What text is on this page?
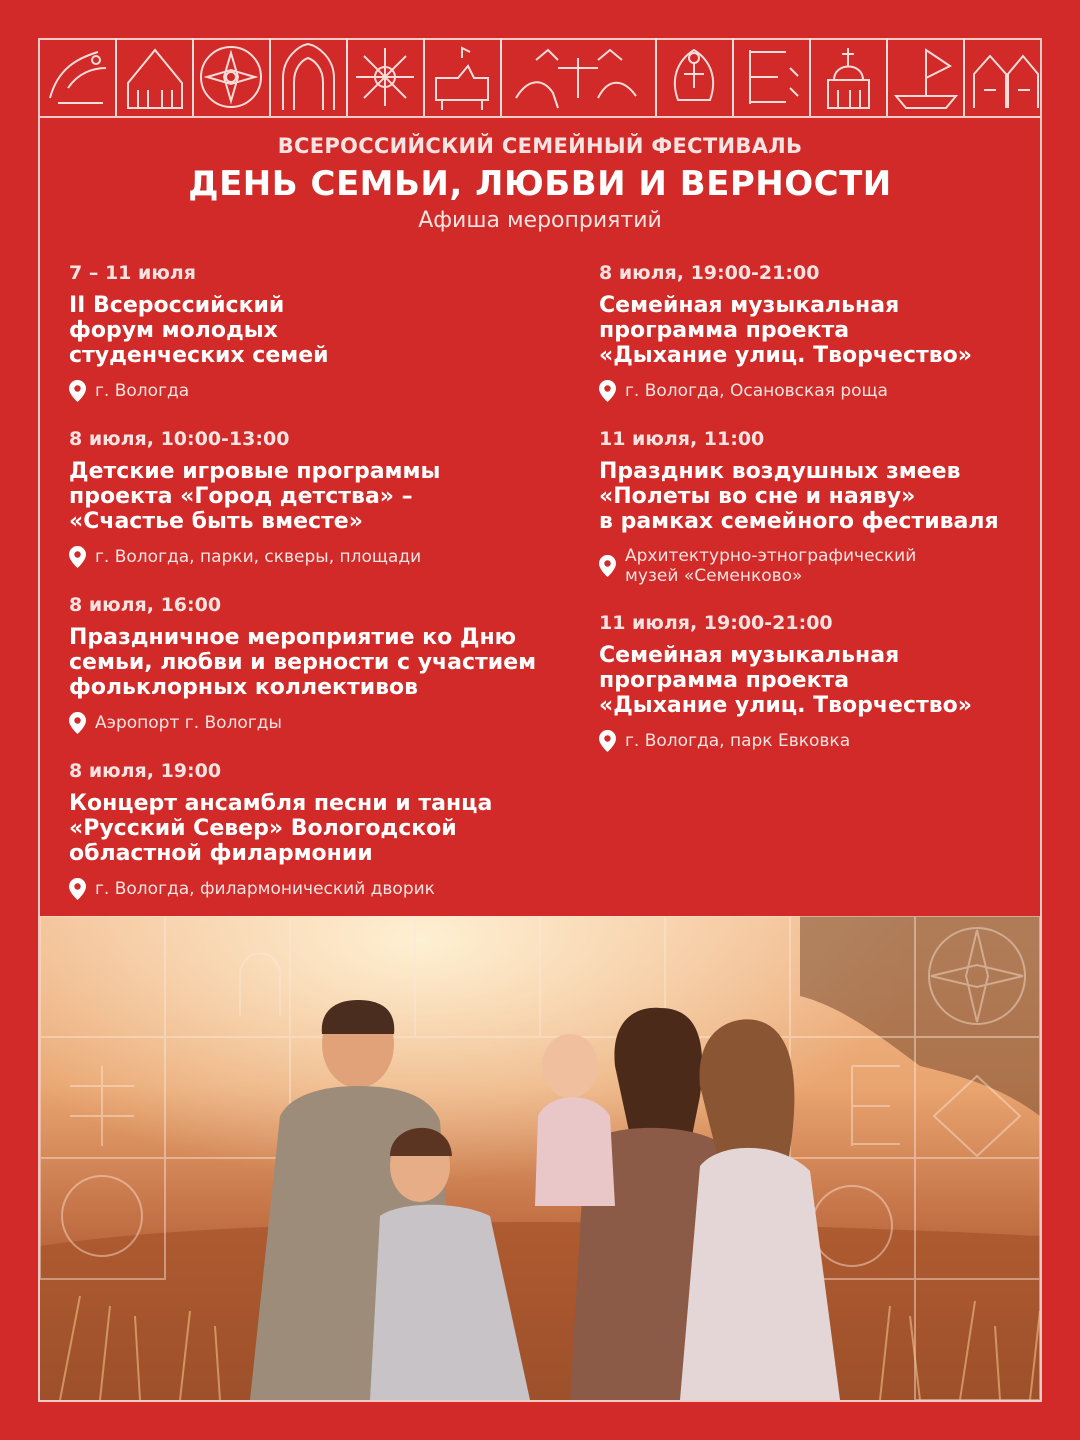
ВСЕРОССИЙСКИЙ СЕМЕЙНЫЙ ФЕСТИВАЛЬ
ДЕНЬ СЕМЬИ, ЛЮБВИ И ВЕРНОСТИ
Афиша мероприятий
7 – 11 июля
II Всероссийский
форум молодых
студенческих семей
г. Вологда
8 июля, 10:00-13:00
Детские игровые программы
проекта «Город детства» –
«Счастье быть вместе»
г. Вологда, парки, скверы, площади
8 июля, 16:00
Праздничное мероприятие ко Дню
семьи, любви и верности с участием
фольклорных коллективов
Аэропорт г. Вологды
8 июля, 19:00
Концерт ансамбля песни и танца
«Русский Север» Вологодской
областной филармонии
г. Вологда, филармонический дворик
8 июля, 19:00-21:00
Семейная музыкальная
программа проекта
«Дыхание улиц. Творчество»
г. Вологда, Осановская роща
11 июля, 11:00
Праздник воздушных змеев
«Полеты во сне и наяву»
в рамках семейного фестиваля
Архитектурно-этнографический
музей «Семенково»
11 июля, 19:00-21:00
Семейная музыкальная
программа проекта
«Дыхание улиц. Творчество»
г. Вологда, парк Евковка
